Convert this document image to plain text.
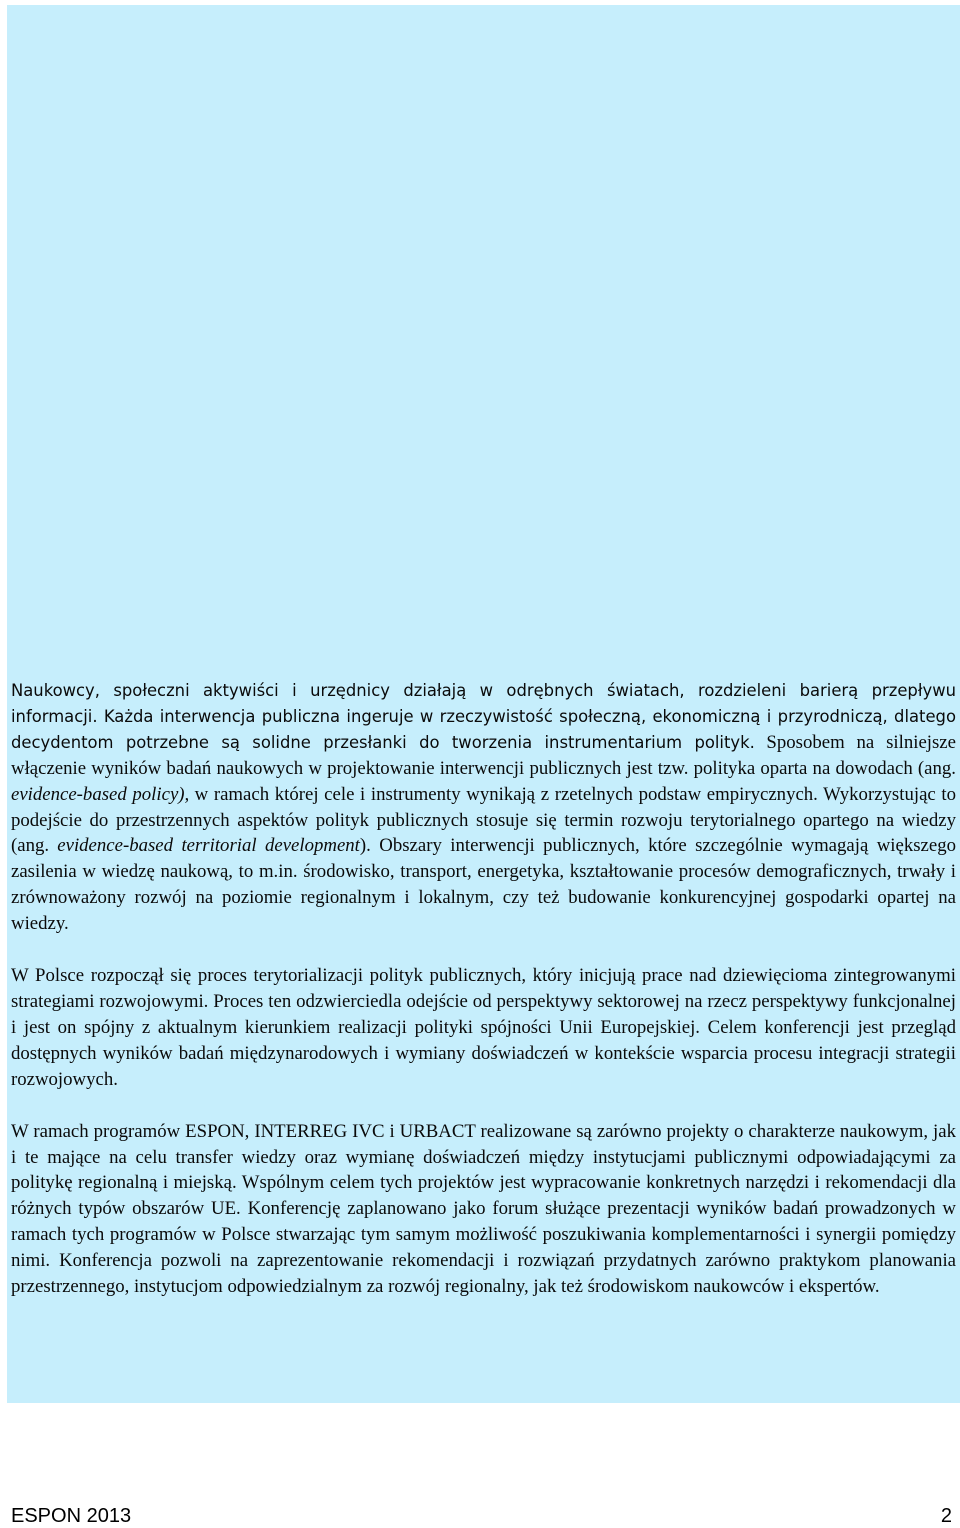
Naukowcy, społeczni aktywiści i urzędnicy działają w odrębnych światach, rozdzieleni barierą przepływu informacji. Każda interwencja publiczna ingeruje w rzeczywistość społeczną, ekonomiczną i przyrodniczą, dlatego decydentom potrzebne są solidne przesłanki do tworzenia instrumentarium polityk. Sposobem na silniejsze włączenie wyników badań naukowych w projektowanie interwencji publicznych jest tzw. polityka oparta na dowodach (ang. evidence-based policy), w ramach której cele i instrumenty wynikają z rzetelnych podstaw empirycznych. Wykorzystując to podejście do przestrzennych aspektów polityk publicznych stosuje się termin rozwoju terytorialnego opartego na wiedzy (ang. evidence-based territorial development). Obszary interwencji publicznych, które szczególnie wymagają większego zasilenia w wiedzę naukową, to m.in. środowisko, transport, energetyka, kształtowanie procesów demograficznych, trwały i zrównoważony rozwój na poziomie regionalnym i lokalnym, czy też budowanie konkurencyjnej gospodarki opartej na wiedzy.

W Polsce rozpoczął się proces terytorializacji polityk publicznych, który inicjują prace nad dziewięcioma zintegrowanymi strategiami rozwojowymi. Proces ten odzwierciedla odejście od perspektywy sektorowej na rzecz perspektywy funkcjonalnej i jest on spójny z aktualnym kierunkiem realizacji polityki spójności Unii Europejskiej. Celem konferencji jest przegląd dostępnych wyników badań międzynarodowych i wymiany doświadczeń w kontekście wsparcia procesu integracji strategii rozwojowych.

W ramach programów ESPON, INTERREG IVC i URBACT realizowane są zarówno projekty o charakterze naukowym, jak i te mające na celu transfer wiedzy oraz wymianę doświadczeń między instytucjami publicznymi odpowiadającymi za politykę regionalną i miejską. Wspólnym celem tych projektów jest wypracowanie konkretnych narzędzi i rekomendacji dla różnych typów obszarów UE. Konferencję zaplanowano jako forum służące prezentacji wyników badań prowadzonych w ramach tych programów w Polsce stwarzając tym samym możliwość poszukiwania komplementarności i synergii pomiędzy nimi. Konferencja pozwoli na zaprezentowanie rekomendacji i rozwiązań przydatnych zarówno praktykom planowania przestrzennego, instytucjom odpowiedzialnym za rozwój regionalny, jak też środowiskom naukowców i ekspertów.

ESPON 2013	2
